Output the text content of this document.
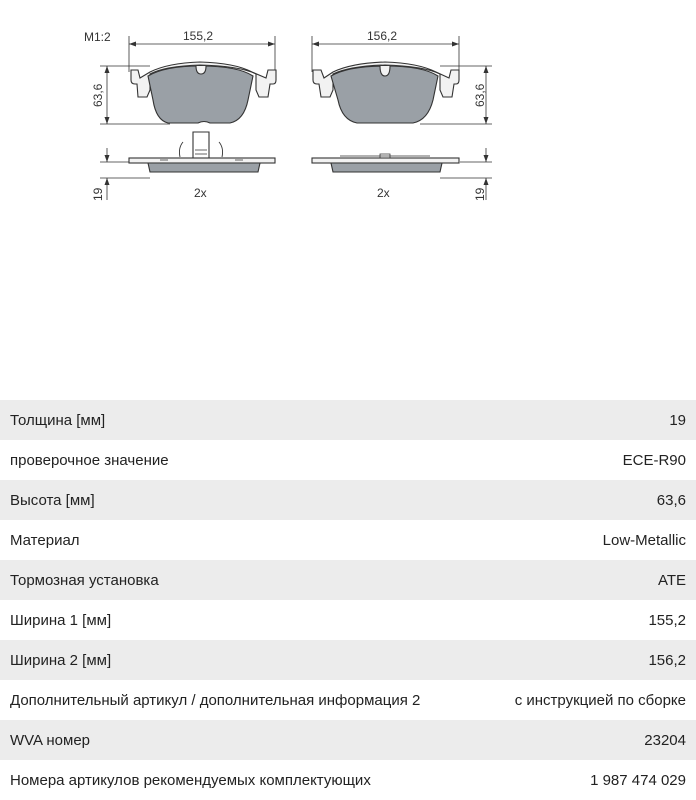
M1:2	155,2
63,6
2x
19
156,2
63,6
2x	19
Толщина [мм]	19
проверочное значение	ECE-R90
Высота [мм]	63,6
Материал	Low-Metallic
Тормозная установка	ATE
Ширина 1 [мм]	155,2
Ширина 2 [мм]	156,2
Дополнительный артикул / дополнительная информация 2	с инструкцией по сборке
WVA номер	23204
Номера артикулов рекомендуемых комплектующих	1 987 474 029
